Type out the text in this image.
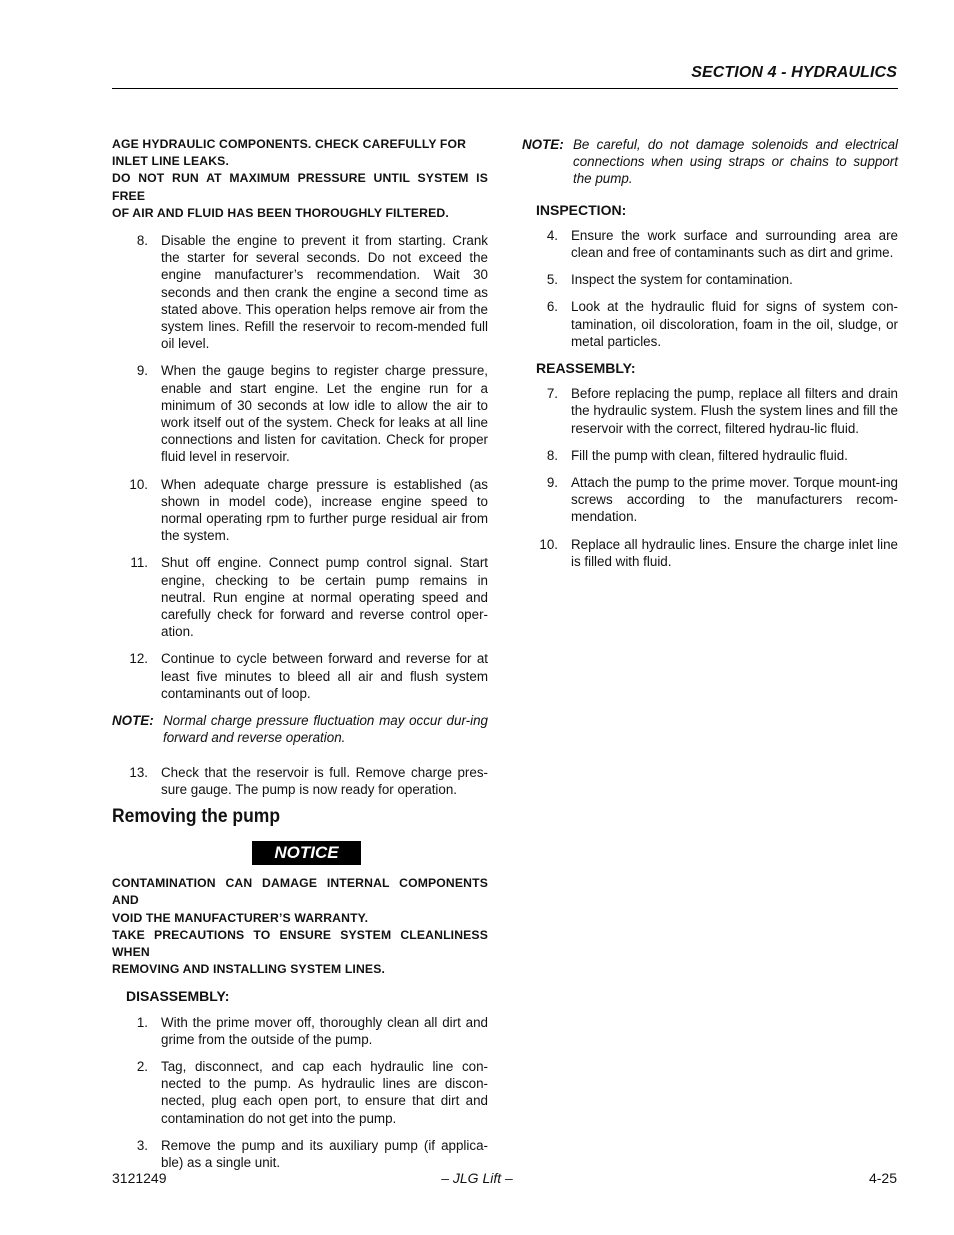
SECTION 4 - HYDRAULICS
AGE HYDRAULIC COMPONENTS. CHECK CAREFULLY FOR
INLET LINE LEAKS.
DO NOT RUN AT MAXIMUM PRESSURE UNTIL SYSTEM IS FREE
OF AIR AND FLUID HAS BEEN THOROUGHLY FILTERED.
8. Disable the engine to prevent it from starting. Crank the starter for several seconds. Do not exceed the engine manufacturer’s recommendation. Wait 30 seconds and then crank the engine a second time as stated above. This operation helps remove air from the system lines. Refill the reservoir to recom-mended full oil level.
9. When the gauge begins to register charge pressure, enable and start engine. Let the engine run for a minimum of 30 seconds at low idle to allow the air to work itself out of the system. Check for leaks at all line connections and listen for cavitation. Check for proper fluid level in reservoir.
10. When adequate charge pressure is established (as shown in model code), increase engine speed to normal operating rpm to further purge residual air from the system.
11. Shut off engine. Connect pump control signal. Start engine, checking to be certain pump remains in neutral. Run engine at normal operating speed and carefully check for forward and reverse control oper-ation.
12. Continue to cycle between forward and reverse for at least five minutes to bleed all air and flush system contaminants out of loop.
NOTE: Normal charge pressure fluctuation may occur dur-ing forward and reverse operation.
13. Check that the reservoir is full. Remove charge pres-sure gauge. The pump is now ready for operation.
Removing the pump
NOTICE
CONTAMINATION CAN DAMAGE INTERNAL COMPONENTS AND
VOID THE MANUFACTURER’S WARRANTY.
TAKE PRECAUTIONS TO ENSURE SYSTEM CLEANLINESS WHEN
REMOVING AND INSTALLING SYSTEM LINES.
DISASSEMBLY:
1. With the prime mover off, thoroughly clean all dirt and grime from the outside of the pump.
2. Tag, disconnect, and cap each hydraulic line con-nected to the pump. As hydraulic lines are discon-nected, plug each open port, to ensure that dirt and contamination do not get into the pump.
3. Remove the pump and its auxiliary pump (if applica-ble) as a single unit.
NOTE: Be careful, do not damage solenoids and electrical connections when using straps or chains to support the pump.
INSPECTION:
4. Ensure the work surface and surrounding area are clean and free of contaminants such as dirt and grime.
5. Inspect the system for contamination.
6. Look at the hydraulic fluid for signs of system con-tamination, oil discoloration, foam in the oil, sludge, or metal particles.
REASSEMBLY:
7. Before replacing the pump, replace all filters and drain the hydraulic system. Flush the system lines and fill the reservoir with the correct, filtered hydrau-lic fluid.
8. Fill the pump with clean, filtered hydraulic fluid.
9. Attach the pump to the prime mover. Torque mount-ing screws according to the manufacturers recom-mendation.
10. Replace all hydraulic lines. Ensure the charge inlet line is filled with fluid.
3121249	– JLG Lift –	4-25
